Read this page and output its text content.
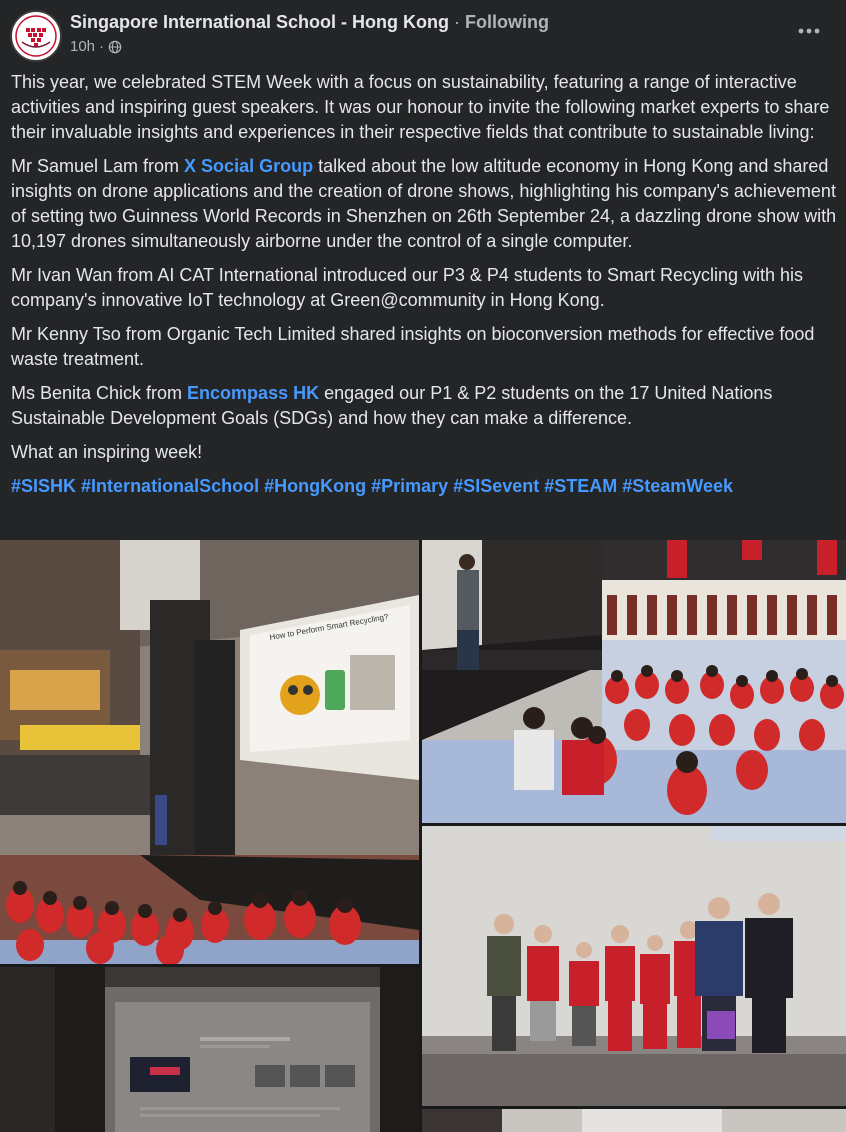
Singapore International School - Hong Kong · Following
10h ·

This year, we celebrated STEM Week with a focus on sustainability, featuring a range of interactive activities and inspiring guest speakers. It was our honour to invite the following market experts to share their invaluable insights and experiences in their respective fields that contribute to sustainable living:

Mr Samuel Lam from X Social Group talked about the low altitude economy in Hong Kong and shared insights on drone applications and the creation of drone shows, highlighting his company's achievement of setting two Guinness World Records in Shenzhen on 26th September 24, a dazzling drone show with 10,197 drones simultaneously airborne under the control of a single computer.

Mr Ivan Wan from AI CAT International introduced our P3 & P4 students to Smart Recycling with his company's innovative IoT technology at Green@community in Hong Kong.

Mr Kenny Tso from Organic Tech Limited shared insights on bioconversion methods for effective food waste treatment.

Ms Benita Chick from Encompass HK engaged our P1 & P2 students on the 17 United Nations Sustainable Development Goals (SDGs) and how they can make a difference.

What an inspiring week!

#SISHK #InternationalSchool #HongKong #Primary #SISevent #STEAM #SteamWeek

How to Perform Smart Recycling?
